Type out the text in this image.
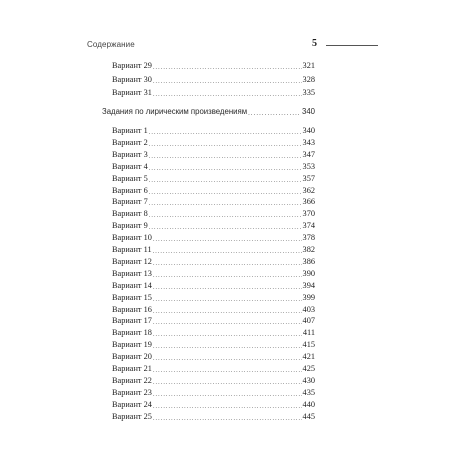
Содержание	5
Вариант 29 .....	321
Вариант 30 .....	328
Вариант 31 .....	335
Задания по лирическим произведениям .....	340
Вариант 1 .....	340
Вариант 2 .....	343
Вариант 3 .....	347
Вариант 4 .....	353
Вариант 5 .....	357
Вариант 6 .....	362
Вариант 7 .....	366
Вариант 8 .....	370
Вариант 9 .....	374
Вариант 10 .....	378
Вариант 11 .....	382
Вариант 12 .....	386
Вариант 13 .....	390
Вариант 14 .....	394
Вариант 15 .....	399
Вариант 16 .....	403
Вариант 17 .....	407
Вариант 18 .....	411
Вариант 19 .....	415
Вариант 20 .....	421
Вариант 21 .....	425
Вариант 22 .....	430
Вариант 23 .....	435
Вариант 24 .....	440
Вариант 25 .....	445
